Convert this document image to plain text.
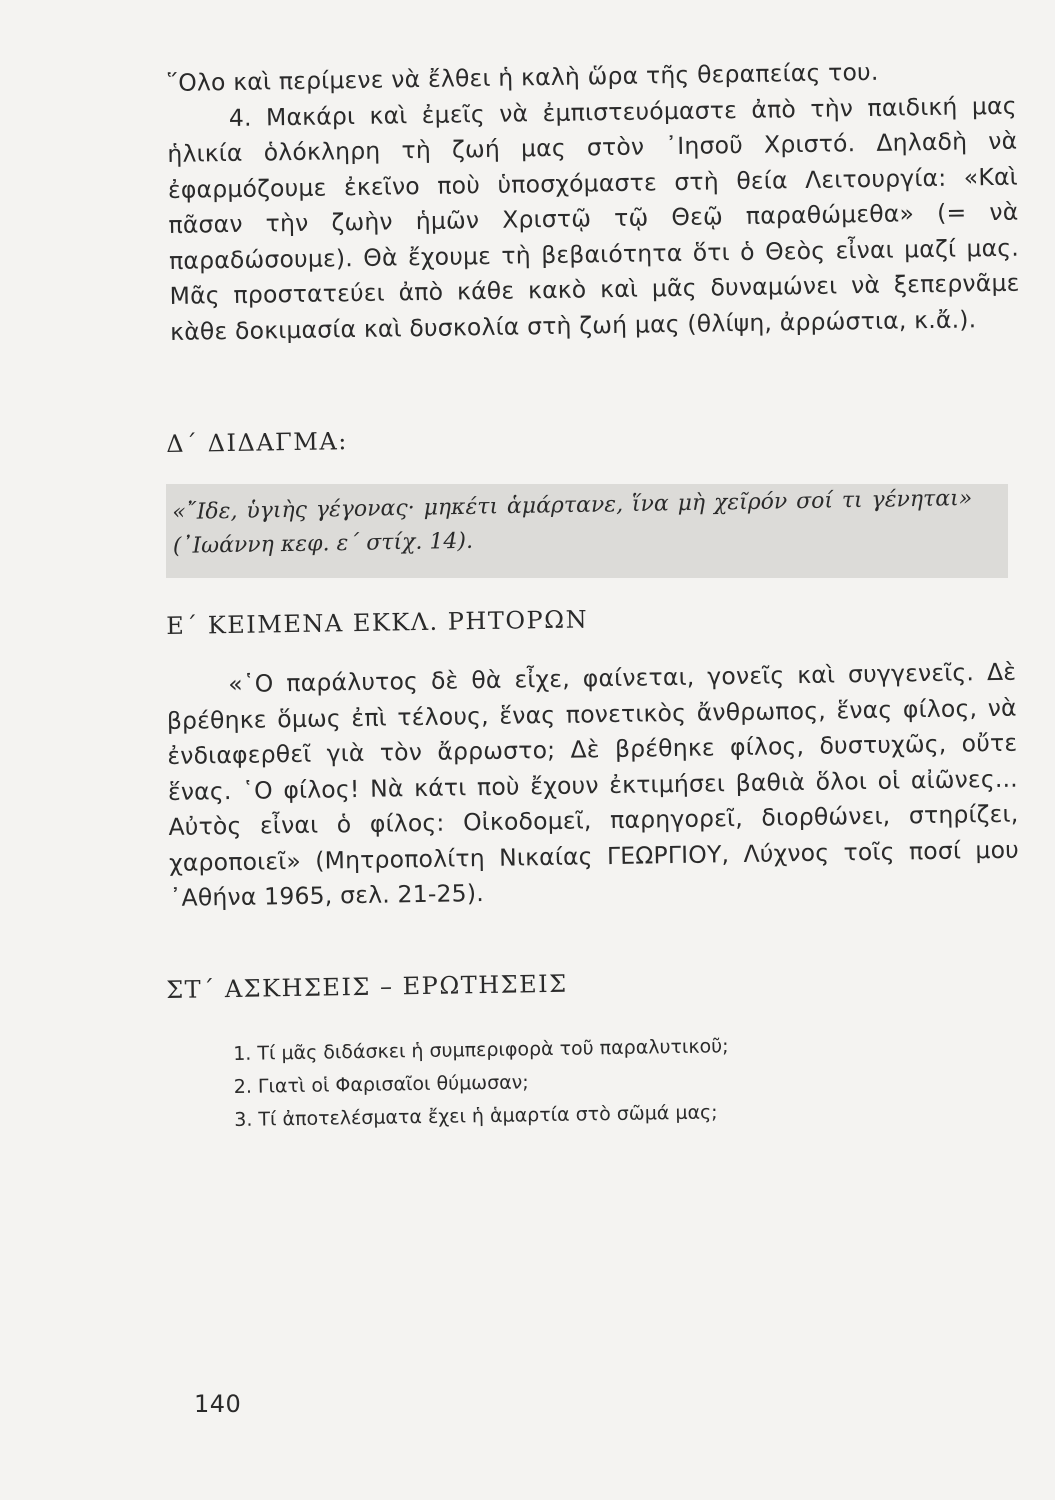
῞Ολο καὶ περίμενε νὰ ἔλθει ἡ καλὴ ὥρα τῆς θεραπείας του.

4. Μακάρι καὶ ἐμεῖς νὰ ἐμπιστευόμαστε ἀπὸ τὴν παιδική μας ἡλικία ὁλόκληρη τὴ ζωή μας στὸν ᾿Ιησοῦ Χριστό. Δηλαδὴ νὰ ἐφαρμόζουμε ἐκεῖνο ποὺ ὑποσχόμαστε στὴ θεία Λειτουργία: «Καὶ πᾶσαν τὴν ζωὴν ἡμῶν Χριστῷ τῷ Θεῷ παραθώμεθα» (= νὰ παραδώσουμε). Θὰ ἔχουμε τὴ βεβαιότητα ὅτι ὁ Θεὸς εἶναι μαζί μας. Μᾶς προστατεύει ἀπὸ κάθε κακὸ καὶ μᾶς δυναμώνει νὰ ξεπερνᾶμε κὰθε δοκιμασία καὶ δυσκολία στὴ ζωή μας (θλίψη, ἀρρώστια, κ.ἄ.).

Δ΄ ΔΙΔΑΓΜΑ:

«῎Ιδε, ὑγιὴς γέγονας· μηκέτι ἁμάρτανε, ἵνα μὴ χεῖρόν σοί τι γένηται» (᾿Ιωάννη κεφ. ε΄ στίχ. 14).

Ε΄ ΚΕΙΜΕΝΑ ΕΚΚΛ. ΡΗΤΟΡΩΝ

«῾Ο παράλυτος δὲ θὰ εἶχε, φαίνεται, γονεῖς καὶ συγγενεῖς. Δὲ βρέθηκε ὅμως ἐπὶ τέλους, ἕνας πονετικὸς ἄνθρωπος, ἕνας φίλος, νὰ ἐνδιαφερθεῖ γιὰ τὸν ἄρρωστο; Δὲ βρέθηκε φίλος, δυστυχῶς, οὔτε ἕνας. ῾Ο φίλος! Νὰ κάτι ποὺ ἔχουν ἐκτιμήσει βαθιὰ ὅλοι οἱ αἰῶνες... Αὐτὸς εἶναι ὁ φίλος: Οἰκοδομεῖ, παρηγορεῖ, διορθώνει, στηρίζει, χαροποιεῖ» (Μητροπολίτη Νικαίας ΓΕΩΡΓΙΟΥ, Λύχνος τοῖς ποσί μου ᾿Αθήνα 1965, σελ. 21-25).

ΣΤ΄ ΑΣΚΗΣΕΙΣ – ΕΡΩΤΗΣΕΙΣ
1. Τί μᾶς διδάσκει ἡ συμπεριφορὰ τοῦ παραλυτικοῦ;
2. Γιατὶ οἱ Φαρισαῖοι θύμωσαν;
3. Τί ἀποτελέσματα ἔχει ἡ ἁμαρτία στὸ σῶμά μας;
140
